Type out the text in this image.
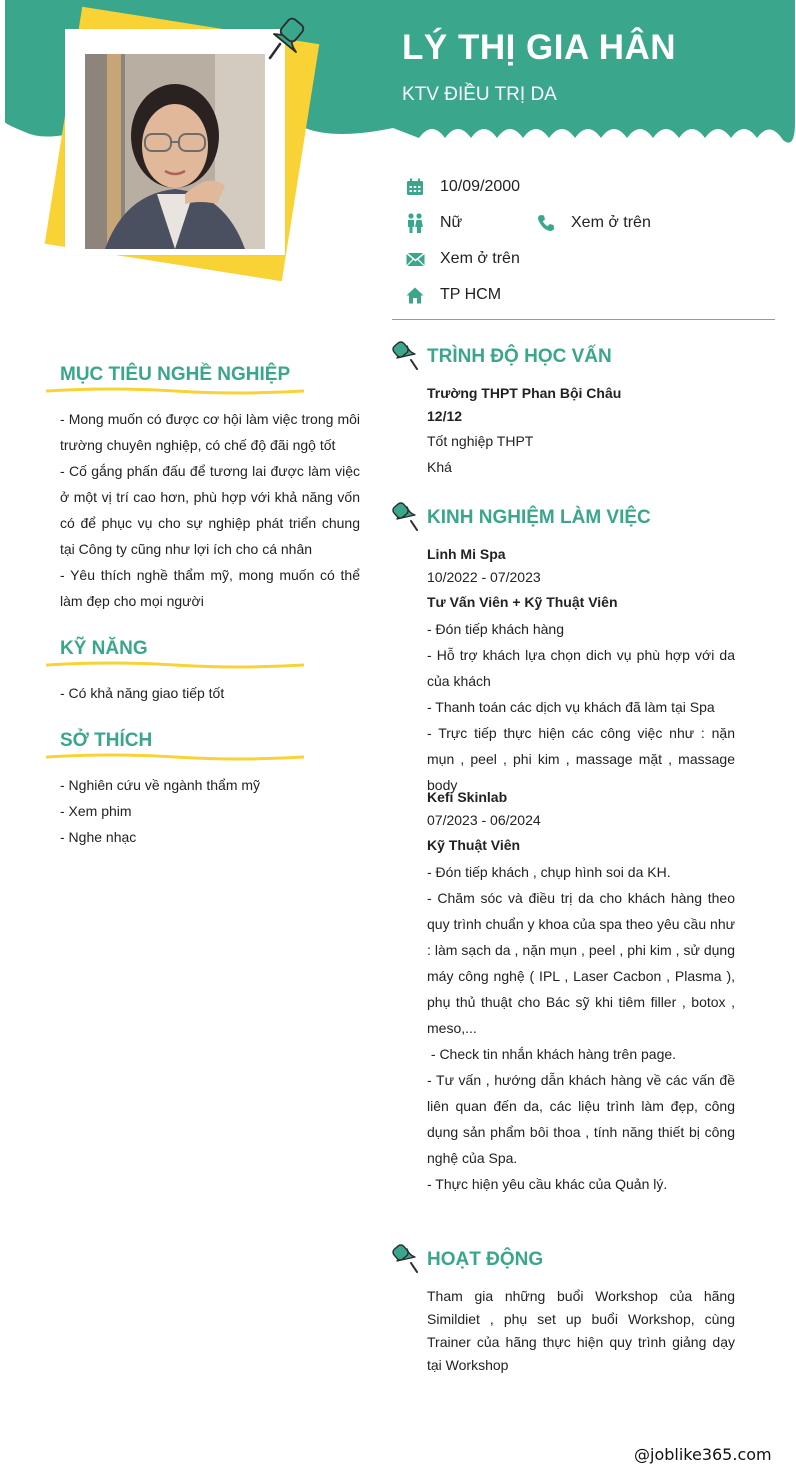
LÝ THỊ GIA HÂN
KTV ĐIỀU TRỊ DA
10/09/2000
Nữ	Xem ở trên
Xem ở trên
TP HCM
MỤC TIÊU NGHỀ NGHIỆP

- Mong muốn có được cơ hội làm việc trong môi trường chuyên nghiệp, có chế độ đãi ngộ tốt

- Cố gắng phấn đấu để tương lai được làm việc ở một vị trí cao hơn, phù hợp với khả năng vốn có để phục vụ cho sự nghiệp phát triển chung tại Công ty cũng như lợi ích cho cá nhân

- Yêu thích nghề thẩm mỹ, mong muốn có thể làm đẹp cho mọi người

KỸ NĂNG

- Có khả năng giao tiếp tốt

SỞ THÍCH

- Nghiên cứu về ngành thẩm mỹ

- Xem phim

- Nghe nhạc

TRÌNH ĐỘ HỌC VẤN
Trường THPT Phan Bội Châu
12/12
Tốt nghiệp THPT
Khá
KINH NGHIỆM LÀM VIỆC
Linh Mi Spa
10/2022 - 07/2023
Tư Vấn Viên + Kỹ Thuật Viên
- Đón tiếp khách hàng
- Hỗ trợ khách lựa chọn dich vụ phù hợp với da của khách
- Thanh toán các dịch vụ khách đã làm tại Spa
- Trực tiếp thực hiện các công việc như : nặn mụn , peel , phi kim , massage mặt , massage body
Kefi Skinlab
07/2023 - 06/2024
Kỹ Thuật Viên
- Đón tiếp khách , chụp hình soi da KH.
- Chăm sóc và điều trị da cho khách hàng theo quy trình chuẩn y khoa của spa theo yêu cầu như : làm sạch da , nặn mụn , peel , phi kim , sử dụng máy công nghệ ( IPL , Laser Cacbon , Plasma ), phụ thủ thuật cho Bác sỹ khi tiêm filler , botox , meso,...
- Check tin nhắn khách hàng trên page.
- Tư vấn , hướng dẫn khách hàng về các vấn đề liên quan đến da, các liệu trình làm đẹp, công dụng sản phẩm bôi thoa , tính năng thiết bị công nghệ của Spa.
- Thực hiện yêu cầu khác của Quản lý.
HOẠT ĐỘNG
Tham gia những buổi Workshop của hãng Simildiet , phụ set up buổi Workshop, cùng Trainer của hãng thực hiện quy trình giảng dạy tại Workshop
@joblike365.com
